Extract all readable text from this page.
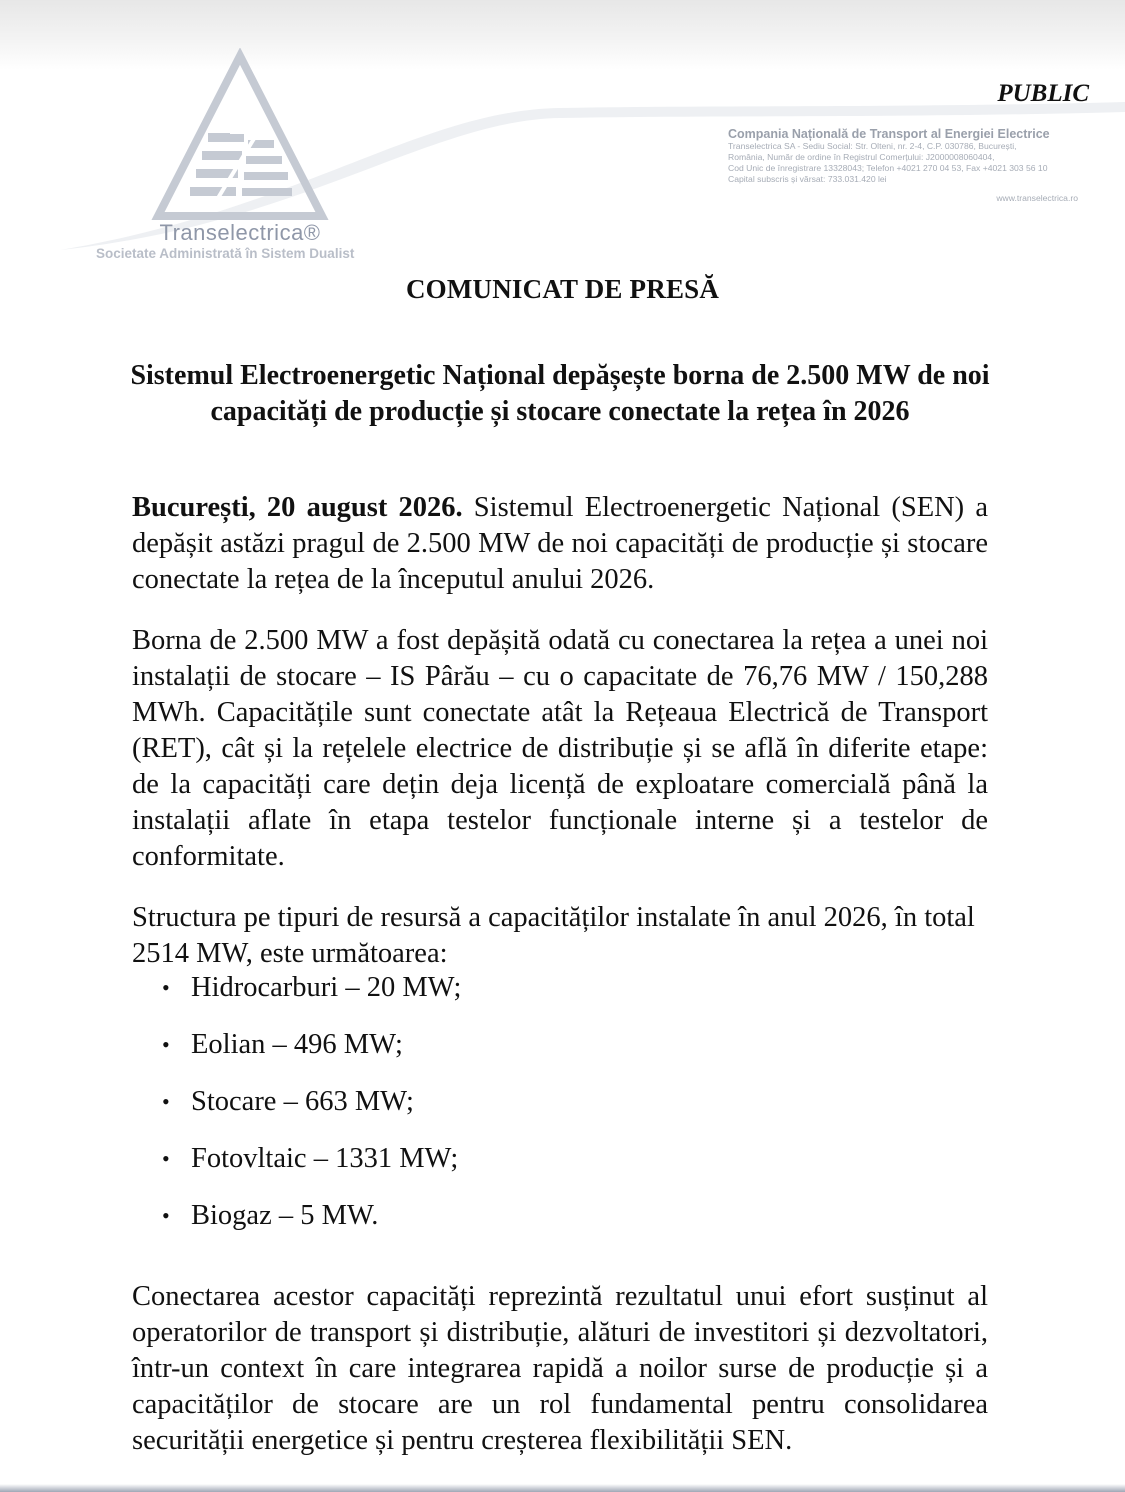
Transelectrica®
Societate Administrată în Sistem Dualist
PUBLIC
Compania Națională de Transport al Energiei Electrice
Transelectrica SA - Sediu Social: Str. Olteni, nr. 2-4, C.P. 030786, București,
România, Număr de ordine în Registrul Comerțului: J2000008060404,
Cod Unic de înregistrare 13328043; Telefon +4021 270 04 53, Fax +4021 303 56 10
Capital subscris și vărsat: 733.031.420 lei
www.transelectrica.ro
COMUNICAT DE PRESĂ
Sistemul Electroenergetic Național depășește borna de 2.500 MW de noi capacități de producție și stocare conectate la rețea în 2026
București, 20 august 2026. Sistemul Electroenergetic Național (SEN) a depășit astăzi pragul de 2.500 MW de noi capacități de producție și stocare conectate la rețea de la începutul anului 2026.
Borna de 2.500 MW a fost depășită odată cu conectarea la rețea a unei noi instalații de stocare – IS Pârău – cu o capacitate de 76,76 MW / 150,288 MWh. Capacitățile sunt conectate atât la Rețeaua Electrică de Transport (RET), cât și la rețelele electrice de distribuție și se află în diferite etape: de la capacități care dețin deja licență de exploatare comercială până la instalații aflate în etapa testelor funcționale interne și a testelor de conformitate.
Structura pe tipuri de resursă a capacităților instalate în anul 2026, în total 2514 MW, este următoarea:
• Hidrocarburi – 20 MW;
• Eolian – 496 MW;
• Stocare – 663 MW;
• Fotovltaic – 1331 MW;
• Biogaz – 5 MW.
Conectarea acestor capacități reprezintă rezultatul unui efort susținut al operatorilor de transport și distribuție, alături de investitori și dezvoltatori, într-un context în care integrarea rapidă a noilor surse de producție și a capacităților de stocare are un rol fundamental pentru consolidarea securității energetice și pentru creșterea flexibilității SEN.
